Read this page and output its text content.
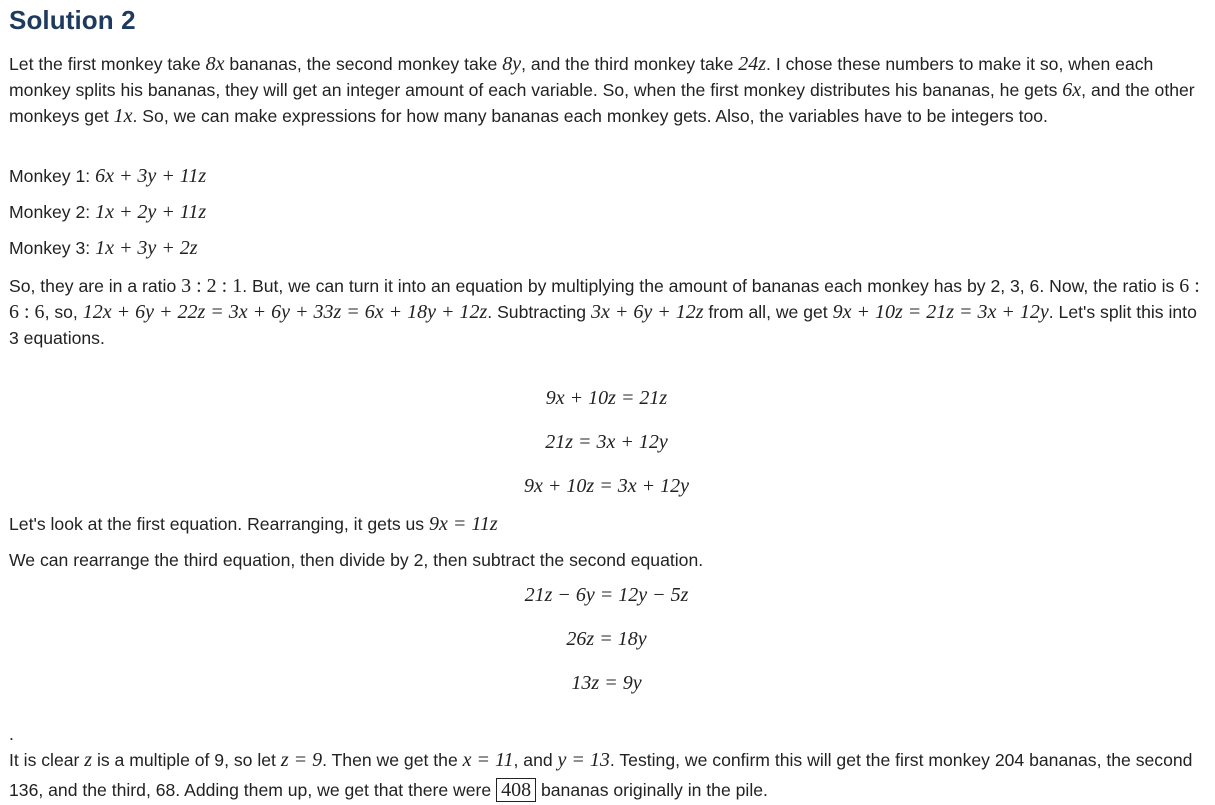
Solution 2

Let the first monkey take 8x bananas, the second monkey take 8y, and the third monkey take 24z. I chose these numbers to make it so, when each monkey splits his bananas, they will get an integer amount of each variable. So, when the first monkey distributes his bananas, he gets 6x, and the other monkeys get 1x. So, we can make expressions for how many bananas each monkey gets. Also, the variables have to be integers too.

Monkey 1: 6x + 3y + 11z

Monkey 2: 1x + 2y + 11z

Monkey 3: 1x + 3y + 2z

So, they are in a ratio 3 : 2 : 1. But, we can turn it into an equation by multiplying the amount of bananas each monkey has by 2, 3, 6. Now, the ratio is 6 : 6 : 6, so, 12x + 6y + 22z = 3x + 6y + 33z = 6x + 18y + 12z. Subtracting 3x + 6y + 12z from all, we get 9x + 10z = 21z = 3x + 12y. Let's split this into 3 equations.

9x + 10z = 21z
21z = 3x + 12y
9x + 10z = 3x + 12y

Let's look at the first equation. Rearranging, it gets us 9x = 11z

We can rearrange the third equation, then divide by 2, then subtract the second equation.

21z − 6y = 12y − 5z
26z = 18y
13z = 9y
.

It is clear z is a multiple of 9, so let z = 9. Then we get the x = 11, and y = 13. Testing, we confirm this will get the first monkey 204 bananas, the second 136, and the third, 68. Adding them up, we get that there were 408 bananas originally in the pile.
